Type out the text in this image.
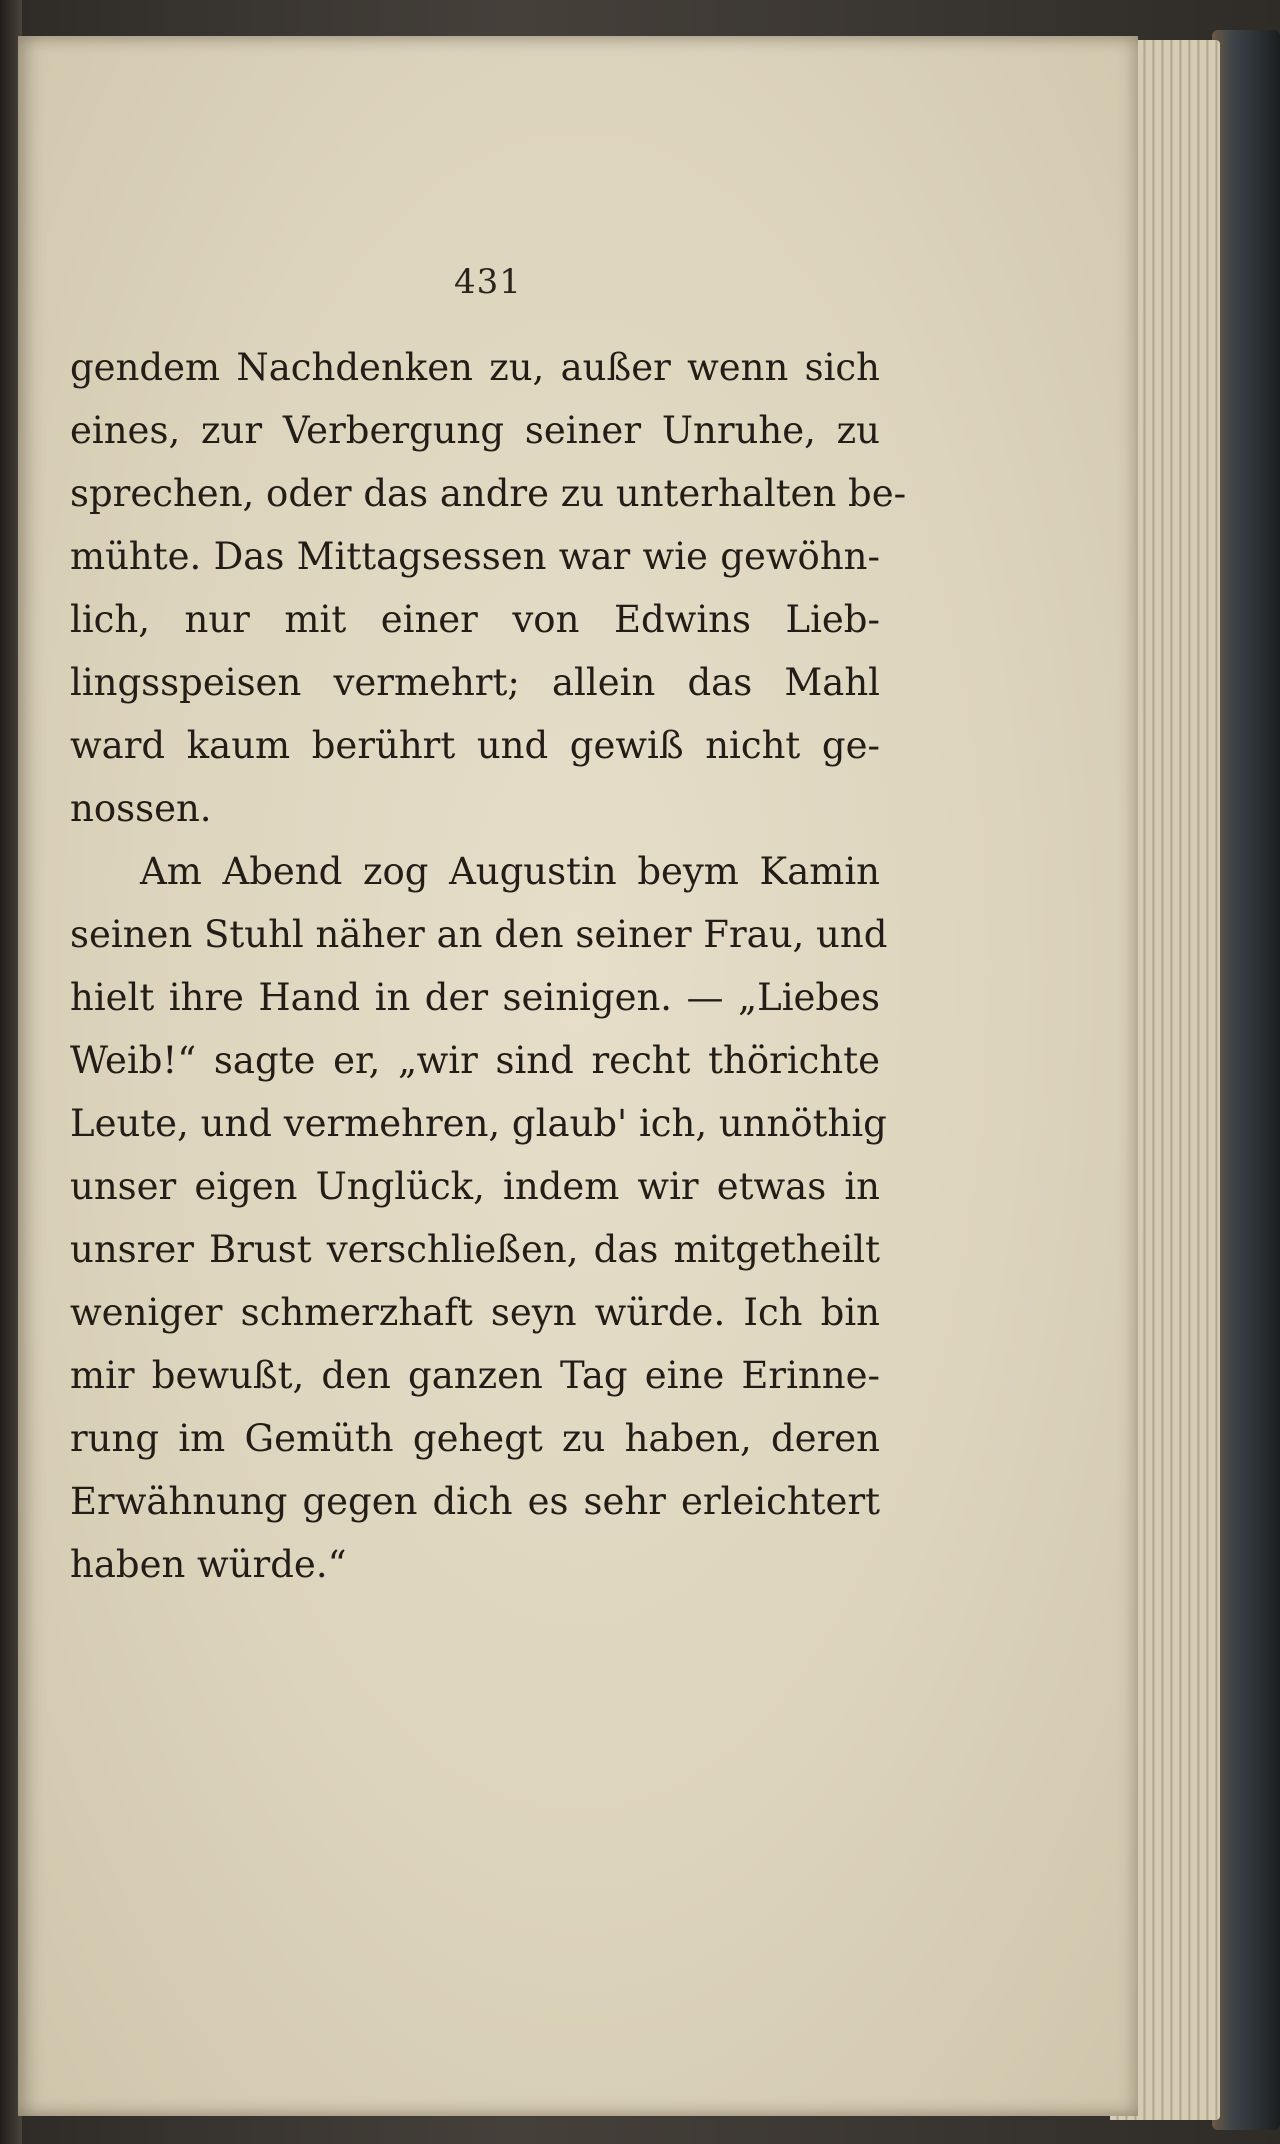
431
gendem Nachdenken zu, außer wenn sich
eines, zur Verbergung seiner Unruhe, zu
sprechen, oder das andre zu unterhalten be-
mühte. Das Mittagsessen war wie gewöhn-
lich, nur mit einer von Edwins Lieb-
lingsspeisen vermehrt; allein das Mahl
ward kaum berührt und gewiß nicht ge-
nossen.
Am Abend zog Augustin beym Kamin
seinen Stuhl näher an den seiner Frau, und
hielt ihre Hand in der seinigen. — „Liebes
Weib!“ sagte er, „wir sind recht thörichte
Leute, und vermehren, glaub' ich, unnöthig
unser eigen Unglück, indem wir etwas in
unsrer Brust verschließen, das mitgetheilt
weniger schmerzhaft seyn würde. Ich bin
mir bewußt, den ganzen Tag eine Erinne-
rung im Gemüth gehegt zu haben, deren
Erwähnung gegen dich es sehr erleichtert
haben würde.“
